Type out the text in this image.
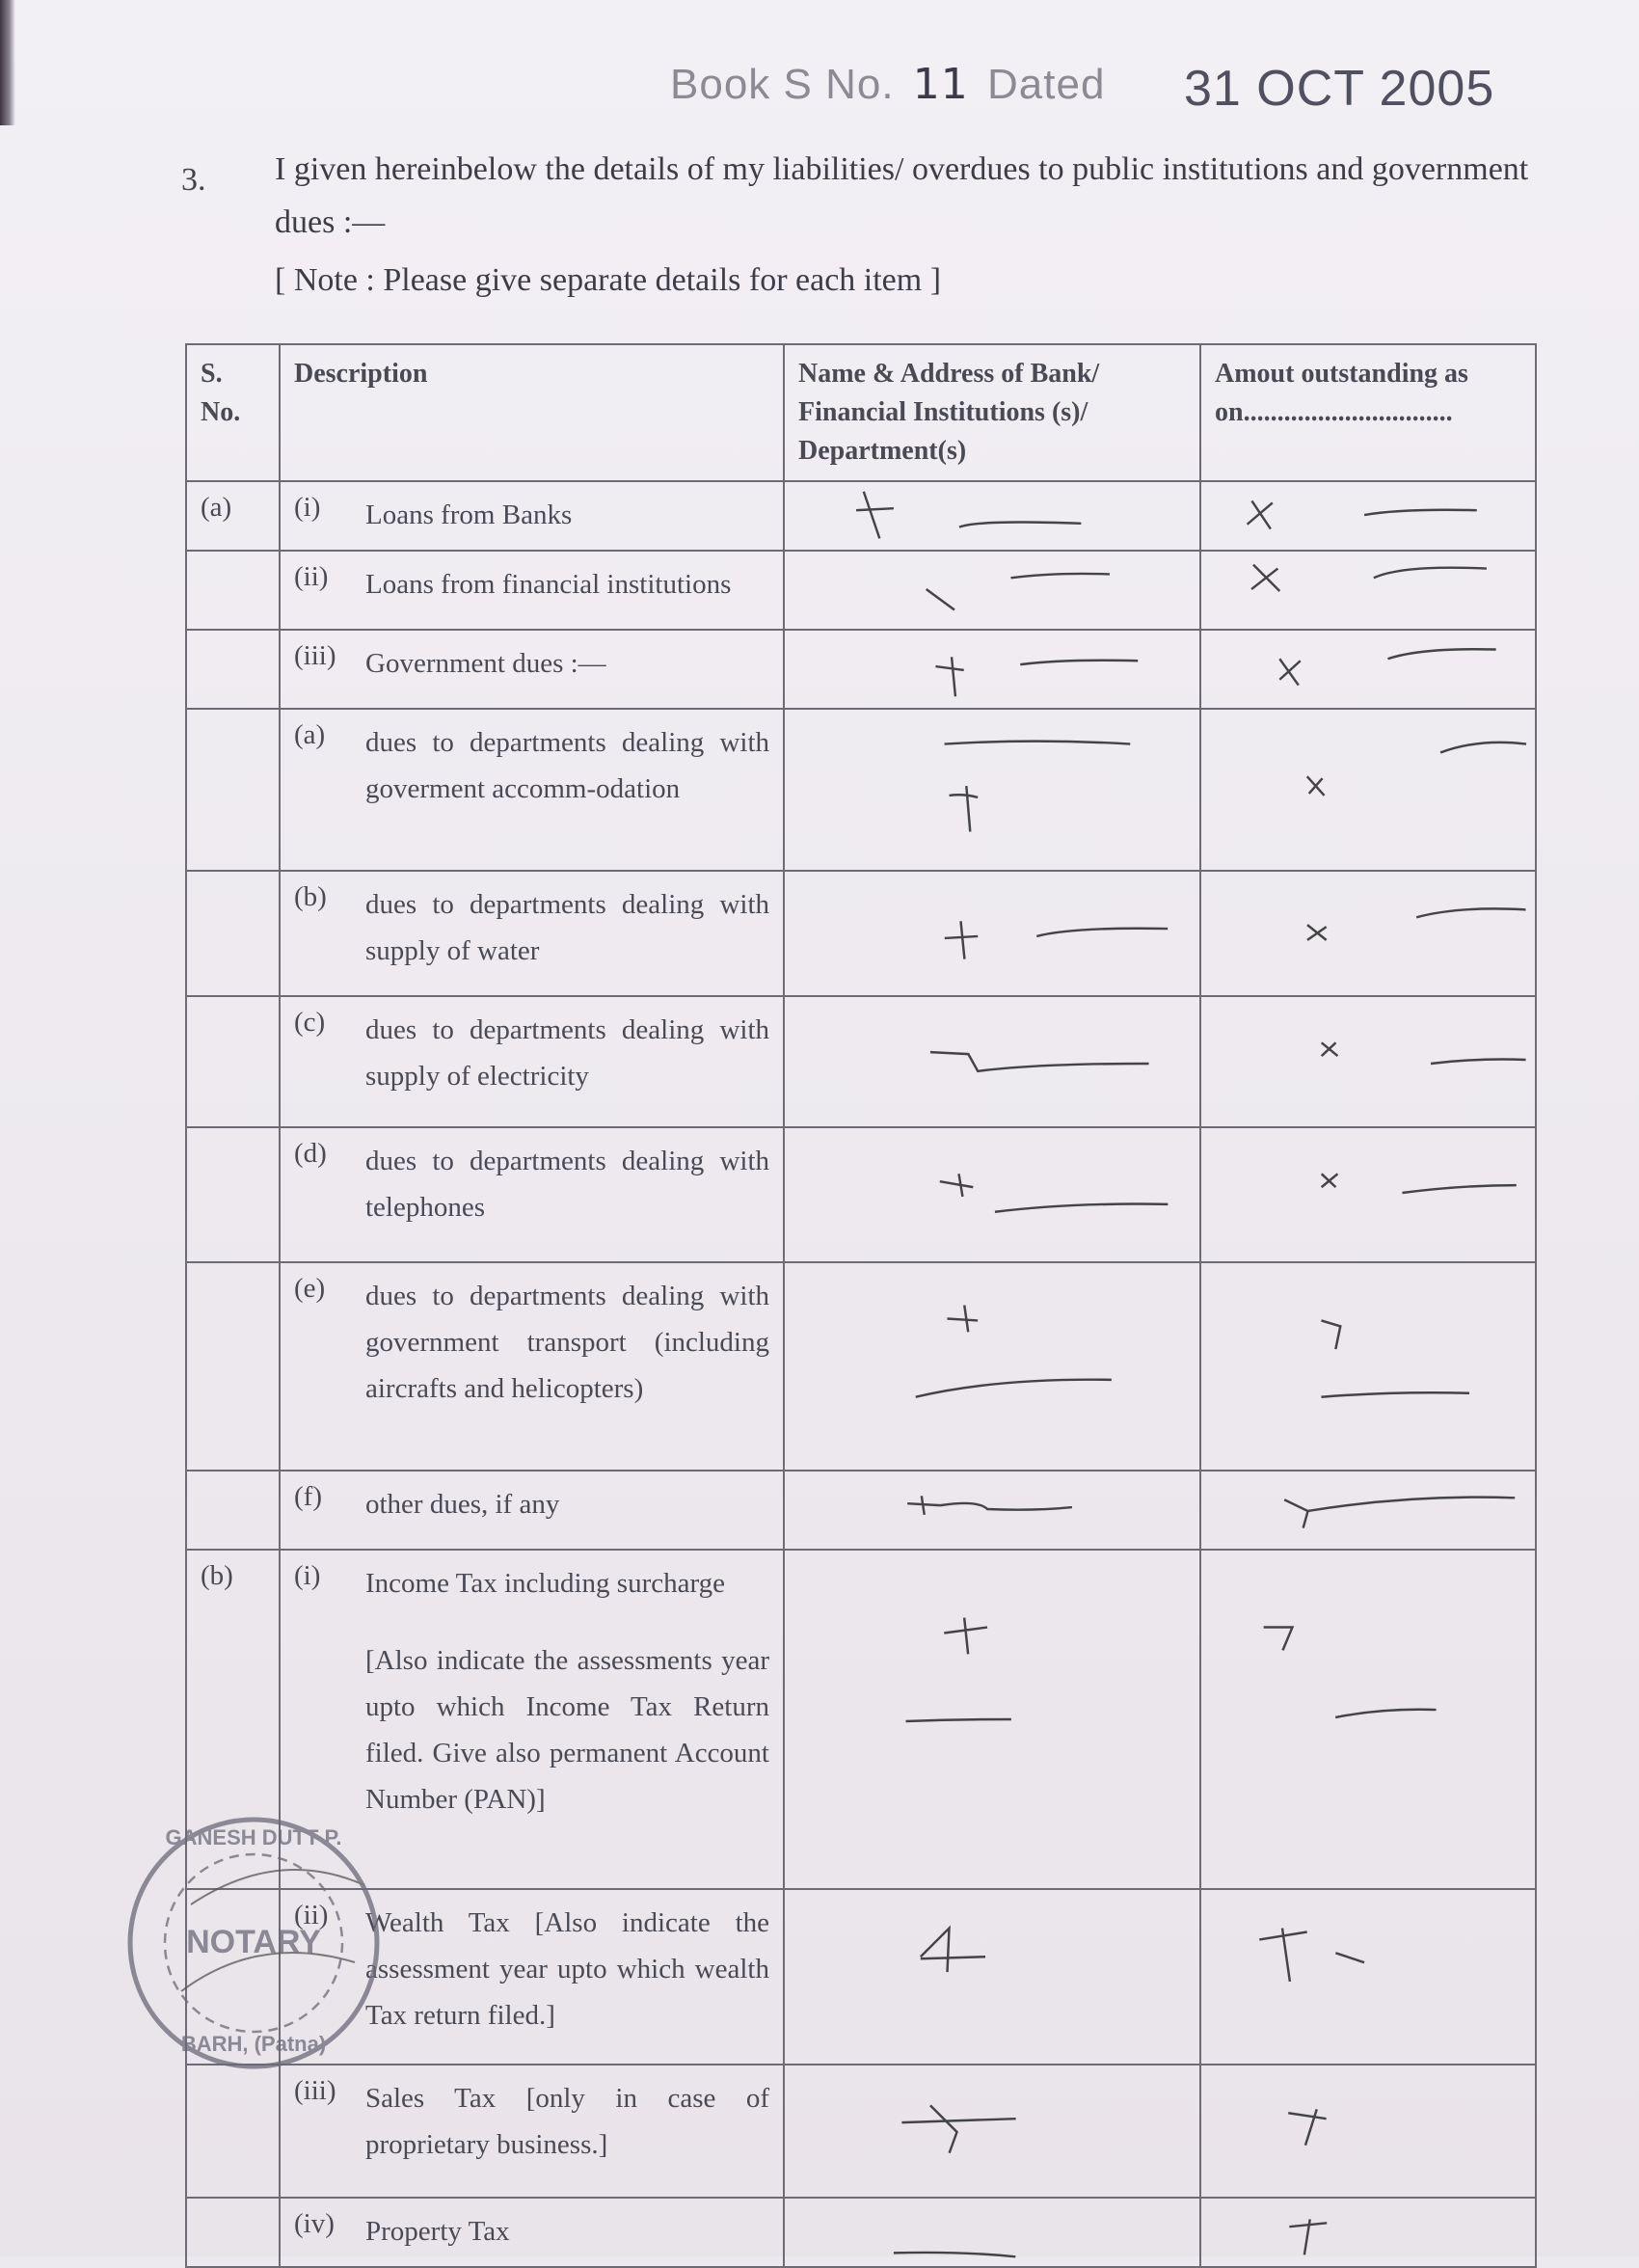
Book S No. 11 Dated 31 OCT 2005
3. I given hereinbelow the details of my liabilities/ overdues to public institutions and government dues :—
[ Note : Please give separate details for each item ]
S. No.	Description	Name & Address of Bank/ Financial Institutions (s)/ Department(s)	Amout outstanding as on...............................
(a)	(i) Loans from Banks

	(ii) Loans from financial institutions

	(iii) Government dues :—

	(a) dues to departments dealing with goverment accomm-odation

	(b) dues to departments dealing with supply of water

	(c) dues to departments dealing with supply of electricity

	(d) dues to departments dealing with telephones

	(e) dues to departments dealing with government transport (including aircrafts and helicopters)

	(f) other dues, if any

(b)	(i) Income Tax including surcharge

[Also indicate the assessments year upto which Income Tax Return filed. Give also permanent Account Number (PAN)]

	(ii) Wealth Tax [Also indicate the assessment year upto which wealth Tax return filed.]

	(iii) Sales Tax [only in case of proprietary business.]

	(iv) Property Tax

NOTARY
GANESH DUTT P.
BARH, (Patna)
